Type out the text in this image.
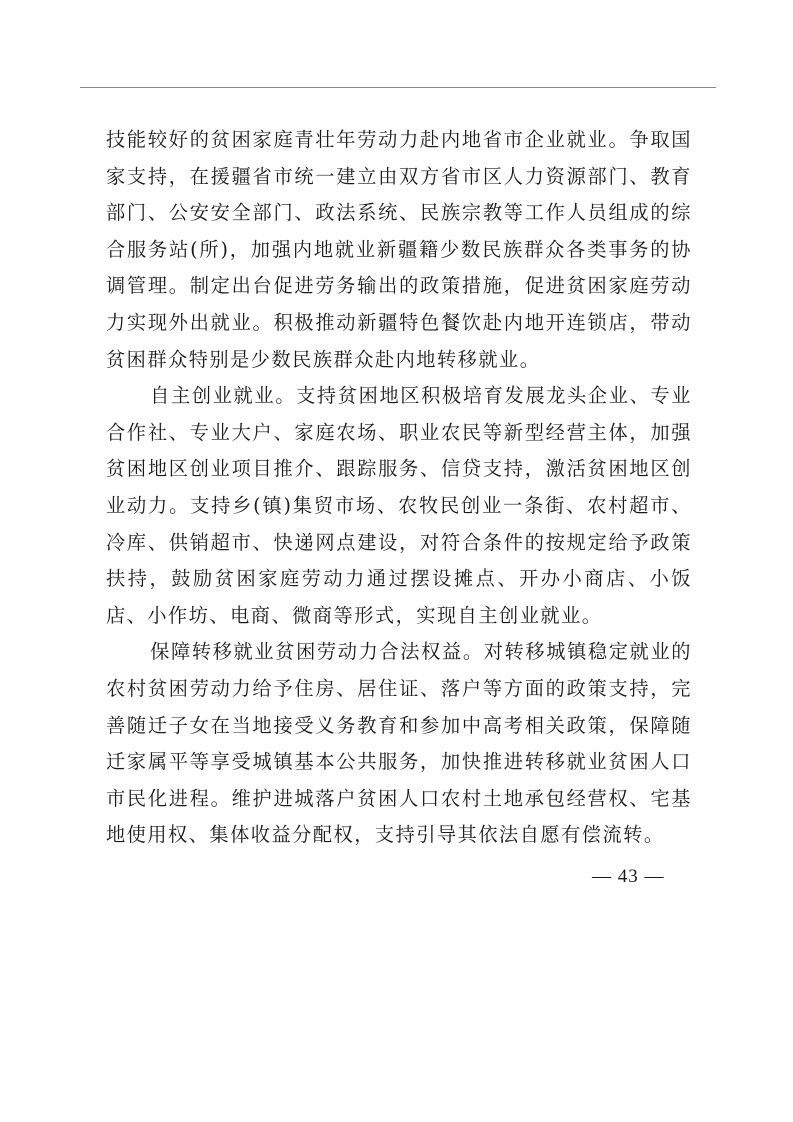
技能较好的贫困家庭青壮年劳动力赴内地省市企业就业。争取国家支持，在援疆省市统一建立由双方省市区人力资源部门、教育部门、公安安全部门、政法系统、民族宗教等工作人员组成的综合服务站(所)，加强内地就业新疆籍少数民族群众各类事务的协调管理。制定出台促进劳务输出的政策措施，促进贫困家庭劳动力实现外出就业。积极推动新疆特色餐饮赴内地开连锁店，带动贫困群众特别是少数民族群众赴内地转移就业。

自主创业就业。支持贫困地区积极培育发展龙头企业、专业合作社、专业大户、家庭农场、职业农民等新型经营主体，加强贫困地区创业项目推介、跟踪服务、信贷支持，激活贫困地区创业动力。支持乡(镇)集贸市场、农牧民创业一条街、农村超市、冷库、供销超市、快递网点建设，对符合条件的按规定给予政策扶持，鼓励贫困家庭劳动力通过摆设摊点、开办小商店、小饭店、小作坊、电商、微商等形式，实现自主创业就业。

保障转移就业贫困劳动力合法权益。对转移城镇稳定就业的农村贫困劳动力给予住房、居住证、落户等方面的政策支持，完善随迁子女在当地接受义务教育和参加中高考相关政策，保障随迁家属平等享受城镇基本公共服务，加快推进转移就业贫困人口市民化进程。维护进城落户贫困人口农村土地承包经营权、宅基地使用权、集体收益分配权，支持引导其依法自愿有偿流转。

— 43 —
